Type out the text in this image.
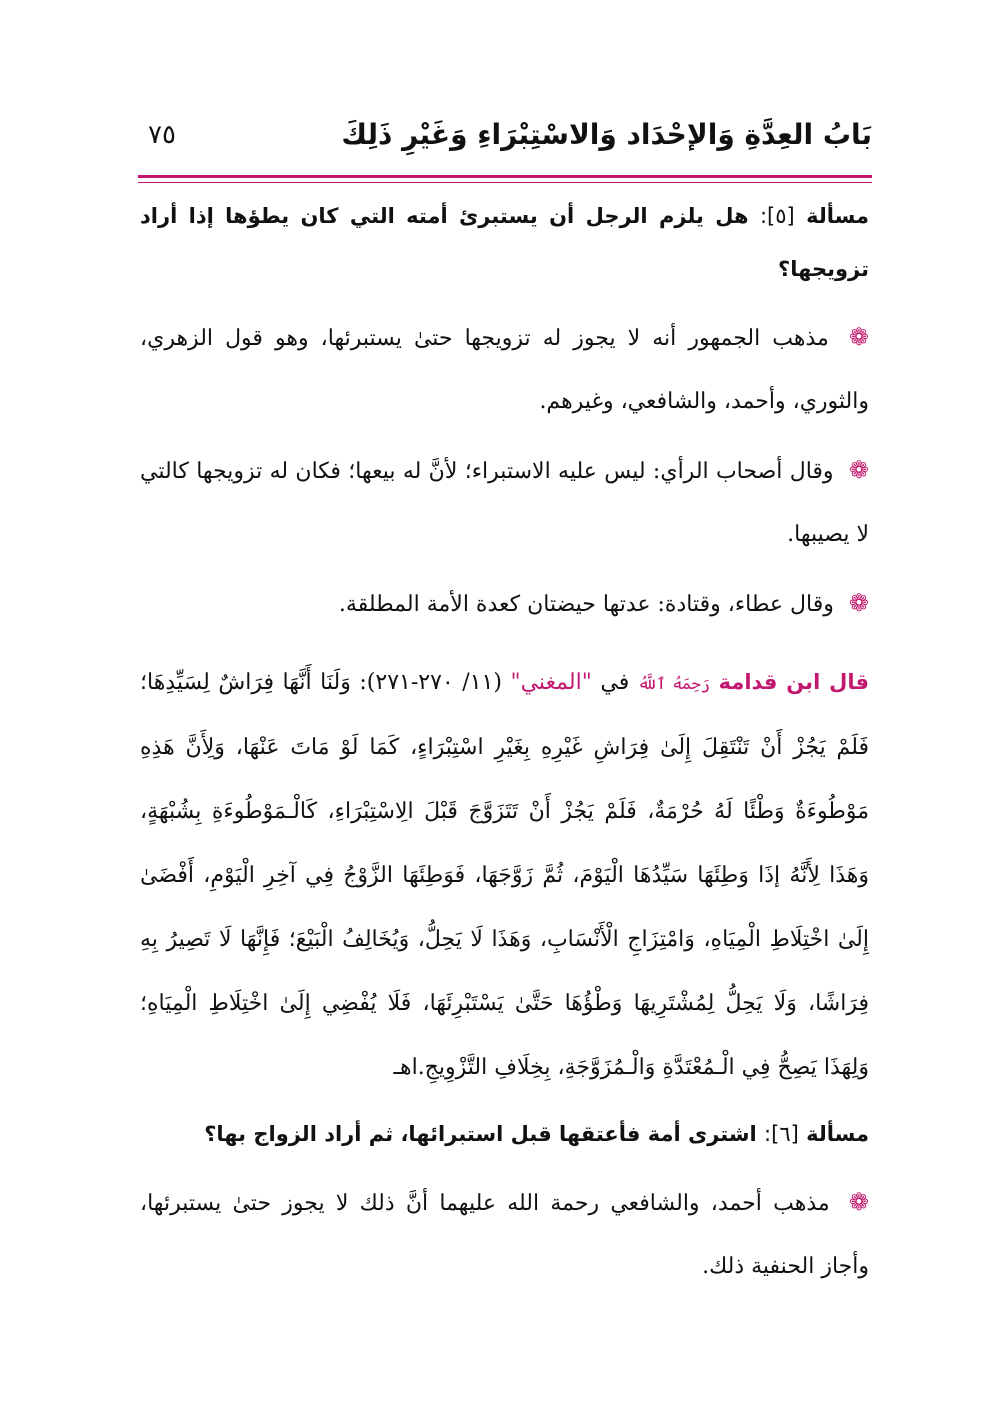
بَابُ العِدَّةِ وَالإحْدَاد وَالاسْتِبْرَاءِ وَغَيْرِ ذَلِكَ
٧٥

مسألة [٥]: هل يلزم الرجل أن يستبرئ أمته التي كان يطؤها إذا أراد تزويجها؟

❁ مذهب الجمهور أنه لا يجوز له تزويجها حتىٰ يستبرئها، وهو قول الزهري، والثوري، وأحمد، والشافعي، وغيرهم.

❁ وقال أصحاب الرأي: ليس عليه الاستبراء؛ لأنَّ له بيعها؛ فكان له تزويجها كالتي لا يصيبها.

❁ وقال عطاء، وقتادة: عدتها حيضتان كعدة الأمة المطلقة.

قال ابن قدامة رَحِمَهُ ٱللَّهُ في "المغني" (١١/ ٢٧٠-٢٧١): وَلَنَا أَنَّهَا فِرَاشٌ لِسَيِّدِهَا؛ فَلَمْ يَجُزْ أَنْ تَنْتَقِلَ إِلَىٰ فِرَاشِ غَيْرِهِ بِغَيْرِ اسْتِبْرَاءٍ، كَمَا لَوْ مَاتَ عَنْهَا، وَلِأَنَّ هَذِهِ مَوْطُوءَةٌ وَطْئًا لَهُ حُرْمَةٌ، فَلَمْ يَجُزْ أَنْ تَتَزَوَّجَ قَبْلَ الِاسْتِبْرَاءِ، كَالْـمَوْطُوءَةِ بِشُبْهَةٍ، وَهَذَا لِأَنَّهُ إذَا وَطِئَهَا سَيِّدُهَا الْيَوْمَ، ثُمَّ زَوَّجَهَا، فَوَطِئَهَا الزَّوْجُ فِي آخِرِ الْيَوْمِ، أَفْضَىٰ إِلَىٰ اخْتِلَاطِ الْمِيَاهِ، وَامْتِزَاجِ الْأَنْسَابِ، وَهَذَا لَا يَحِلُّ، وَيُخَالِفُ الْبَيْعَ؛ فَإِنَّهَا لَا تَصِيرُ بِهِ فِرَاشًا، وَلَا يَحِلُّ لِمُشْتَرِيهَا وَطْؤُهَا حَتَّىٰ يَسْتَبْرِئَهَا، فَلَا يُفْضِي إِلَىٰ اخْتِلَاطِ الْمِيَاهِ؛ وَلِهَذَا يَصِحُّ فِي الْـمُعْتَدَّةِ وَالْـمُزَوَّجَةِ، بِخِلَافِ التَّزْوِيجِ.اهـ

مسألة [٦]: اشترى أمة فأعتقها قبل استبرائها، ثم أراد الزواج بها؟

❁ مذهب أحمد، والشافعي رحمة الله عليهما أنَّ ذلك لا يجوز حتىٰ يستبرئها، وأجاز الحنفية ذلك.
